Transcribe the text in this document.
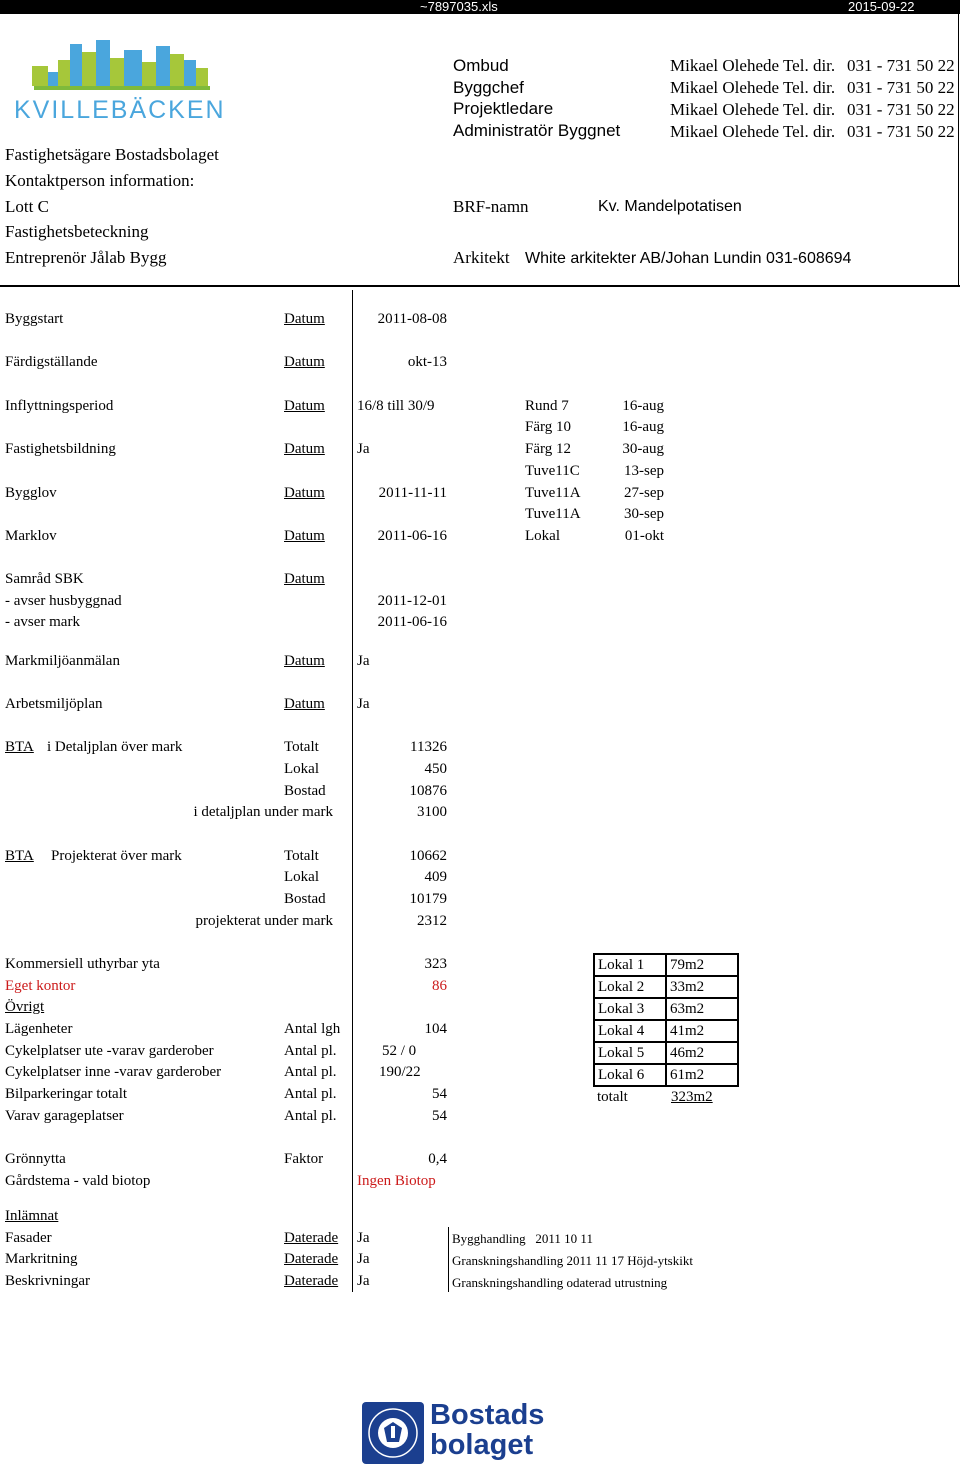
~7897035.xls	2015-09-22
KVILLEBÄCKEN
Fastighetsägare Bostadsbolaget
Kontaktperson information:
Lott C
Fastighetsbeteckning
Entreprenör Jålab Bygg
Ombud	Mikael Olehede Tel. dir. 031 - 731 50 22
Byggchef	Mikael Olehede Tel. dir. 031 - 731 50 22
Projektledare	Mikael Olehede Tel. dir. 031 - 731 50 22
Administratör Byggnet	Mikael Olehede Tel. dir. 031 - 731 50 22
BRF-namn	Kv. Mandelpotatisen
Arkitekt White arkitekter AB/Johan Lundin 031-608694
Byggstart	Datum	2011-08-08
Färdigställande	Datum	okt-13
Inflyttningsperiod	Datum 16/8 till 30/9
Fastighetsbildning	Datum Ja
Bygglov	Datum	2011-11-11
Marklov	Datum	2011-06-16
Rund 7	16-aug
Färg 10	16-aug
Färg 12	30-aug
Tuve11C	13-sep
Tuve11A	27-sep
Tuve11A	30-sep
Lokal	01-okt
Samråd SBK	Datum
- avser husbyggnad	2011-12-01
- avser mark	2011-06-16
Markmiljöanmälan	Datum Ja
Arbetsmiljöplan	Datum Ja
BTA i Detaljplan över mark	Totalt	11326
Lokal	450
Bostad	10876
i detaljplan under mark	3100
BTA Projekterat över mark	Totalt	10662
Lokal	409
Bostad	10179
projekterat under mark	2312
Kommersiell uthyrbar yta	323
Eget kontor	86
Övrigt
Lägenheter	Antal lgh	104
Cykelplatser ute -varav garderober	Antal pl.	52 / 0
Cykelplatser inne -varav garderober	Antal pl.	190/22
Bilparkeringar totalt	Antal pl.	54
Varav garageplatser	Antal pl.	54
Lokal 1	79m2
Lokal 2	33m2
Lokal 3	63m2
Lokal 4	41m2
Lokal 5	46m2
Lokal 6	61m2
totalt	323m2
Grönnytta	Faktor	0,4
Gårdstema - vald biotop	Ingen Biotop
Inlämnat
Fasader	Daterade Ja	Bygghandling   2011 10 11
Markritning	Daterade Ja	Granskningshandling 2011 11 17 Höjd-ytskikt
Beskrivningar	Daterade Ja	Granskningshandling odaterad utrustning
Bostads
bolaget
